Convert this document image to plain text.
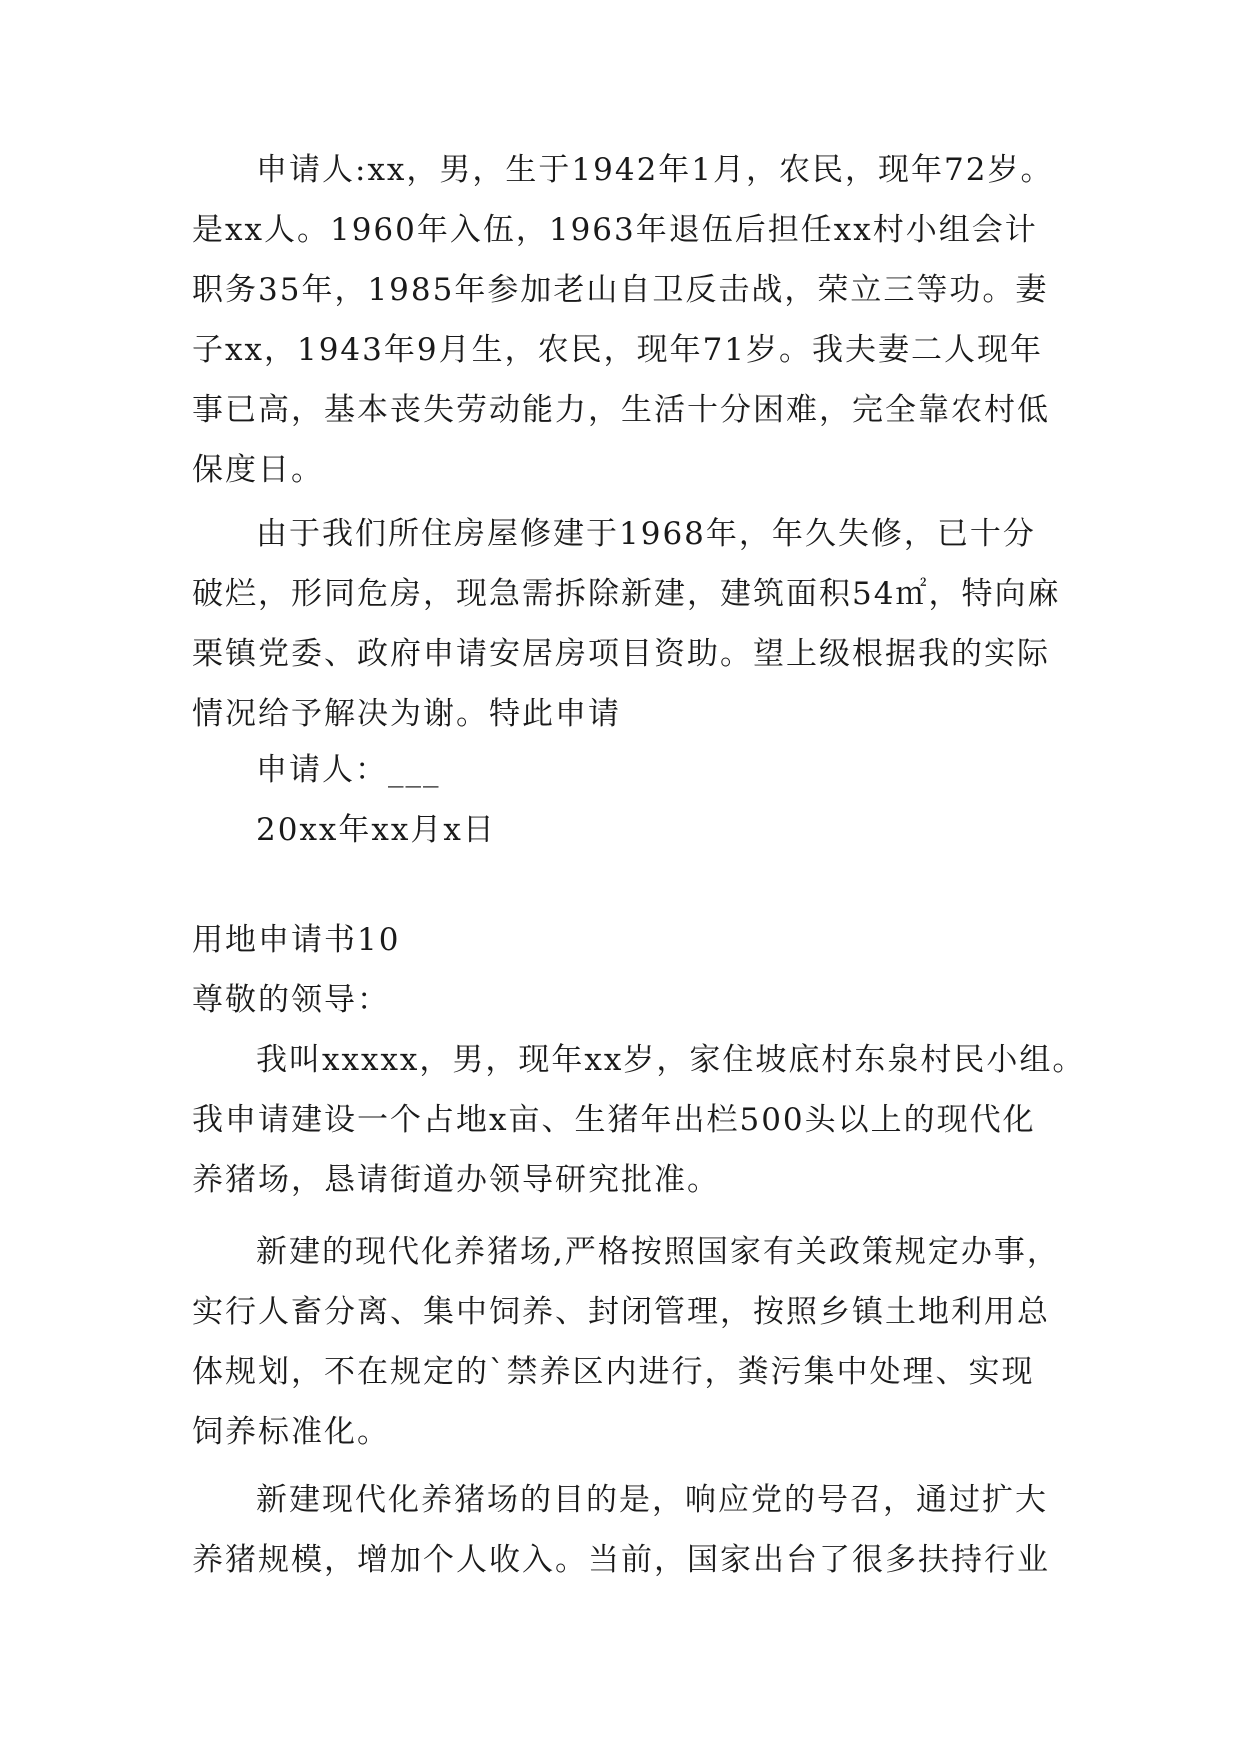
申请人:xx，男，生于1942年1月，农民，现年72岁。
是xx人。1960年入伍，1963年退伍后担任xx村小组会计
职务35年，1985年参加老山自卫反击战，荣立三等功。妻
子xx，1943年9月生，农民，现年71岁。我夫妻二人现年
事已高，基本丧失劳动能力，生活十分困难，完全靠农村低
保度日。
由于我们所住房屋修建于1968年，年久失修，已十分
破烂，形同危房，现急需拆除新建，建筑面积54㎡，特向麻
栗镇党委、政府申请安居房项目资助。望上级根据我的实际
情况给予解决为谢。特此申请
申请人：___
20xx年xx月x日
用地申请书10
尊敬的领导：
我叫xxxxx，男，现年xx岁，家住坡底村东泉村民小组。
我申请建设一个占地x亩、生猪年出栏500头以上的现代化
养猪场，恳请街道办领导研究批准。
新建的现代化养猪场,严格按照国家有关政策规定办事，
实行人畜分离、集中饲养、封闭管理，按照乡镇土地利用总
体规划，不在规定的`禁养区内进行，粪污集中处理、实现
饲养标准化。
新建现代化养猪场的目的是，响应党的号召，通过扩大
养猪规模，增加个人收入。当前，国家出台了很多扶持行业
